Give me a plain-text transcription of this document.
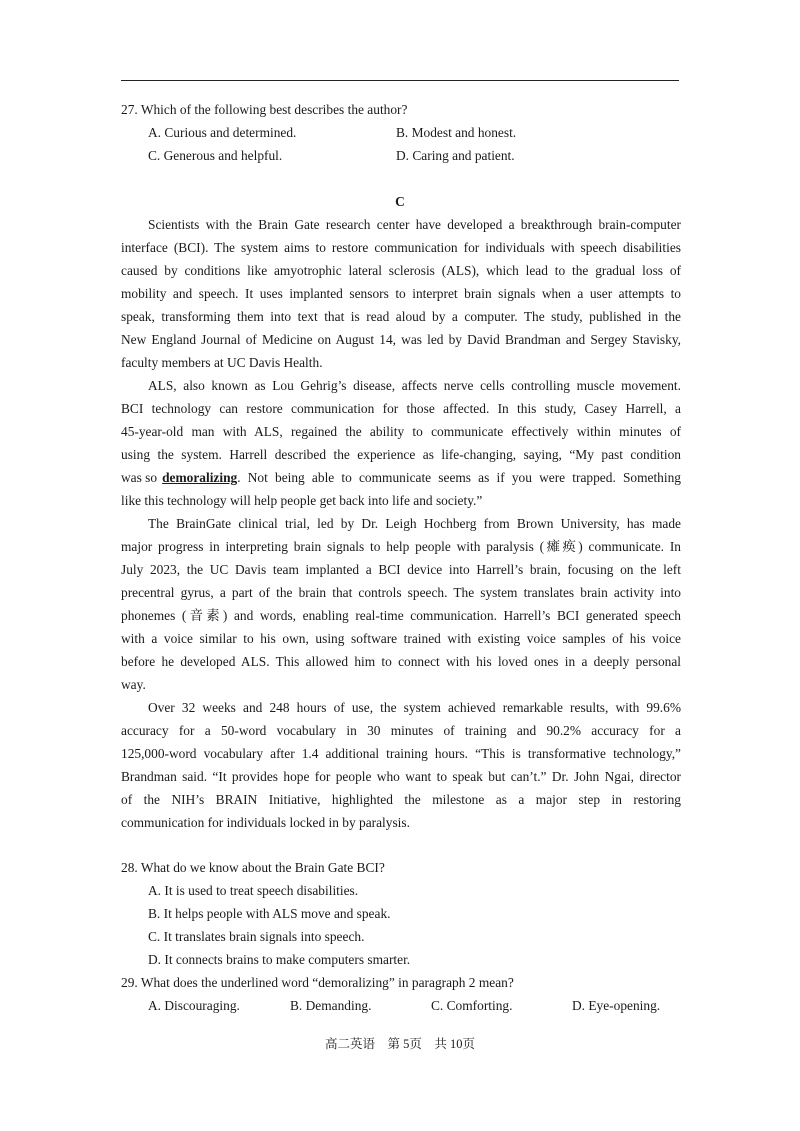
27. Which of the following best describes the author?
A. Curious and determined.	B. Modest and honest.
C. Generous and helpful.	D. Caring and patient.
C
Scientists with the Brain Gate research center have developed a breakthrough brain-computer
interface (BCI). The system aims to restore communication for individuals with speech disabilities
caused by conditions like amyotrophic lateral sclerosis (ALS), which lead to the gradual loss of
mobility and speech. It uses implanted sensors to interpret brain signals when a user attempts to
speak, transforming them into text that is read aloud by a computer. The study, published in the
New England Journal of Medicine on August 14, was led by David Brandman and Sergey Stavisky,
faculty members at UC Davis Health.
ALS, also known as Lou Gehrig’s disease, affects nerve cells controlling muscle movement.
BCI technology can restore communication for those affected. In this study, Casey Harrell, a
45-year-old man with ALS, regained the ability to communicate effectively within minutes of
using the system. Harrell described the experience as life-changing, saying, “My past condition
was so demoralizing . Not being able to communicate seems as if you were trapped. Something
like this technology will help people get back into life and society.”
The BrainGate clinical trial, led by Dr. Leigh Hochberg from Brown University, has made
major progress in interpreting brain signals to help people with paralysis (瘫痪) communicate. In
July 2023, the UC Davis team implanted a BCI device into Harrell’s brain, focusing on the left
precentral gyrus, a part of the brain that controls speech. The system translates brain activity into
phonemes (音素) and words, enabling real-time communication. Harrell’s BCI generated speech
with a voice similar to his own, using software trained with existing voice samples of his voice
before he developed ALS. This allowed him to connect with his loved ones in a deeply personal
way.
Over 32 weeks and 248 hours of use, the system achieved remarkable results, with 99.6%
accuracy for a 50-word vocabulary in 30 minutes of training and 90.2% accuracy for a
125,000-word vocabulary after 1.4 additional training hours. “This is transformative technology,”
Brandman said. “It provides hope for people who want to speak but can’t.” Dr. John Ngai, director
of the NIH’s BRAIN Initiative, highlighted the milestone as a major step in restoring
communication for individuals locked in by paralysis.
28. What do we know about the Brain Gate BCI?
A. It is used to treat speech disabilities.
B. It helps people with ALS move and speak.
C. It translates brain signals into speech.
D. It connects brains to make computers smarter.
29. What does the underlined word “demoralizing” in paragraph 2 mean?
A. Discouraging.	B. Demanding.	C. Comforting.	D. Eye-opening.
高二英语　第 5页　共 10页
